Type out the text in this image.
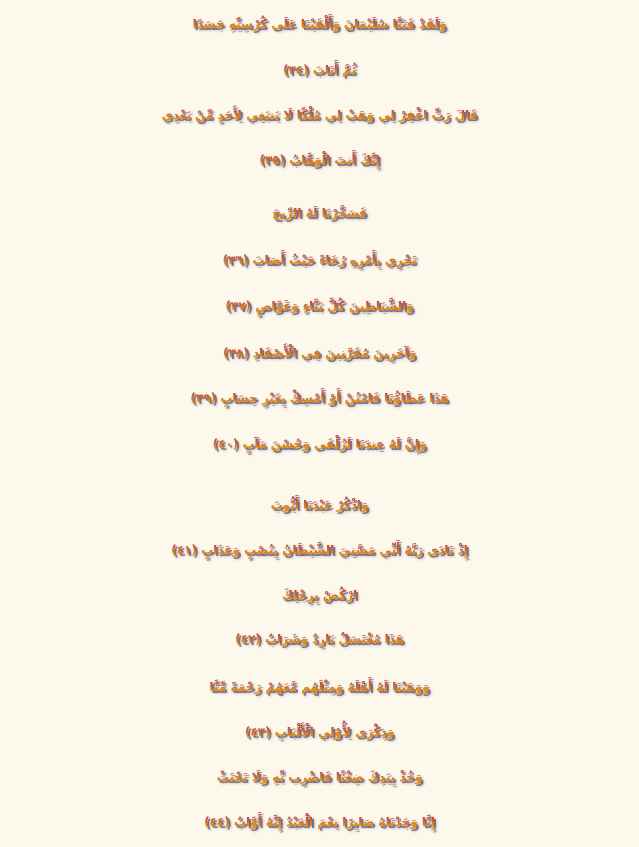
وَلَقَدْ فَتَنَّا سُلَيْمَانَ وَأَلْقَيْنَا عَلَى كُرْسِيِّهِ جَسَدًا
ثُمَّ أَنَابَ (٣٤)
قَالَ رَبِّ اغْفِرْ لِي وَهَبْ لِي مُلْكًا لَا يَنبَغِي لِأَحَدٍ مِّنْ بَعْدِي
إِنَّكَ أَنتَ الْوَهَّابُ (٣٥)
فَسَخَّرْنَا لَهُ الرِّيحَ
تَجْرِي بِأَمْرِهِ رُخَاءً حَيْثُ أَصَابَ (٣٦)
وَالشَّيَاطِينَ كُلَّ بَنَّاءٍ وَغَوَّاصٍ (٣٧)
وَآخَرِينَ مُقَرَّنِينَ فِي الْأَصْفَادِ (٣٨)
هَذَا عَطَاؤُنَا فَامْنُنْ أَوْ أَمْسِكْ بِغَيْرِ حِسَابٍ (٣٩)
وَإِنَّ لَهُ عِندَنَا لَزُلْفَى وَحُسْنَ مَآبٍ (٤٠)
وَاذْكُرْ عَبْدَنَا أَيُّوبَ
إِذْ نَادَى رَبَّهُ أَنِّي مَسَّنِيَ الشَّيْطَانُ بِنُصْبٍ وَعَذَابٍ (٤١)
ارْكُضْ بِرِجْلِكَ
هَذَا مُغْتَسَلٌ بَارِدٌ وَشَرَابٌ (٤٢)
وَوَهَبْنَا لَهُ أَهْلَهُ وَمِثْلَهُم مَّعَهُمْ رَحْمَةً مِّنَّا
وَذِكْرَى لِأُوْلِي الْأَلْبَابِ (٤٣)
وَخُذْ بِيَدِكَ ضِغْثًا فَاضْرِب بِّهِ وَلَا تَحْنَثْ
إِنَّا وَجَدْنَاهُ صَابِرًا نِعْمَ الْعَبْدُ إِنَّهُ أَوَّابٌ (٤٤)
